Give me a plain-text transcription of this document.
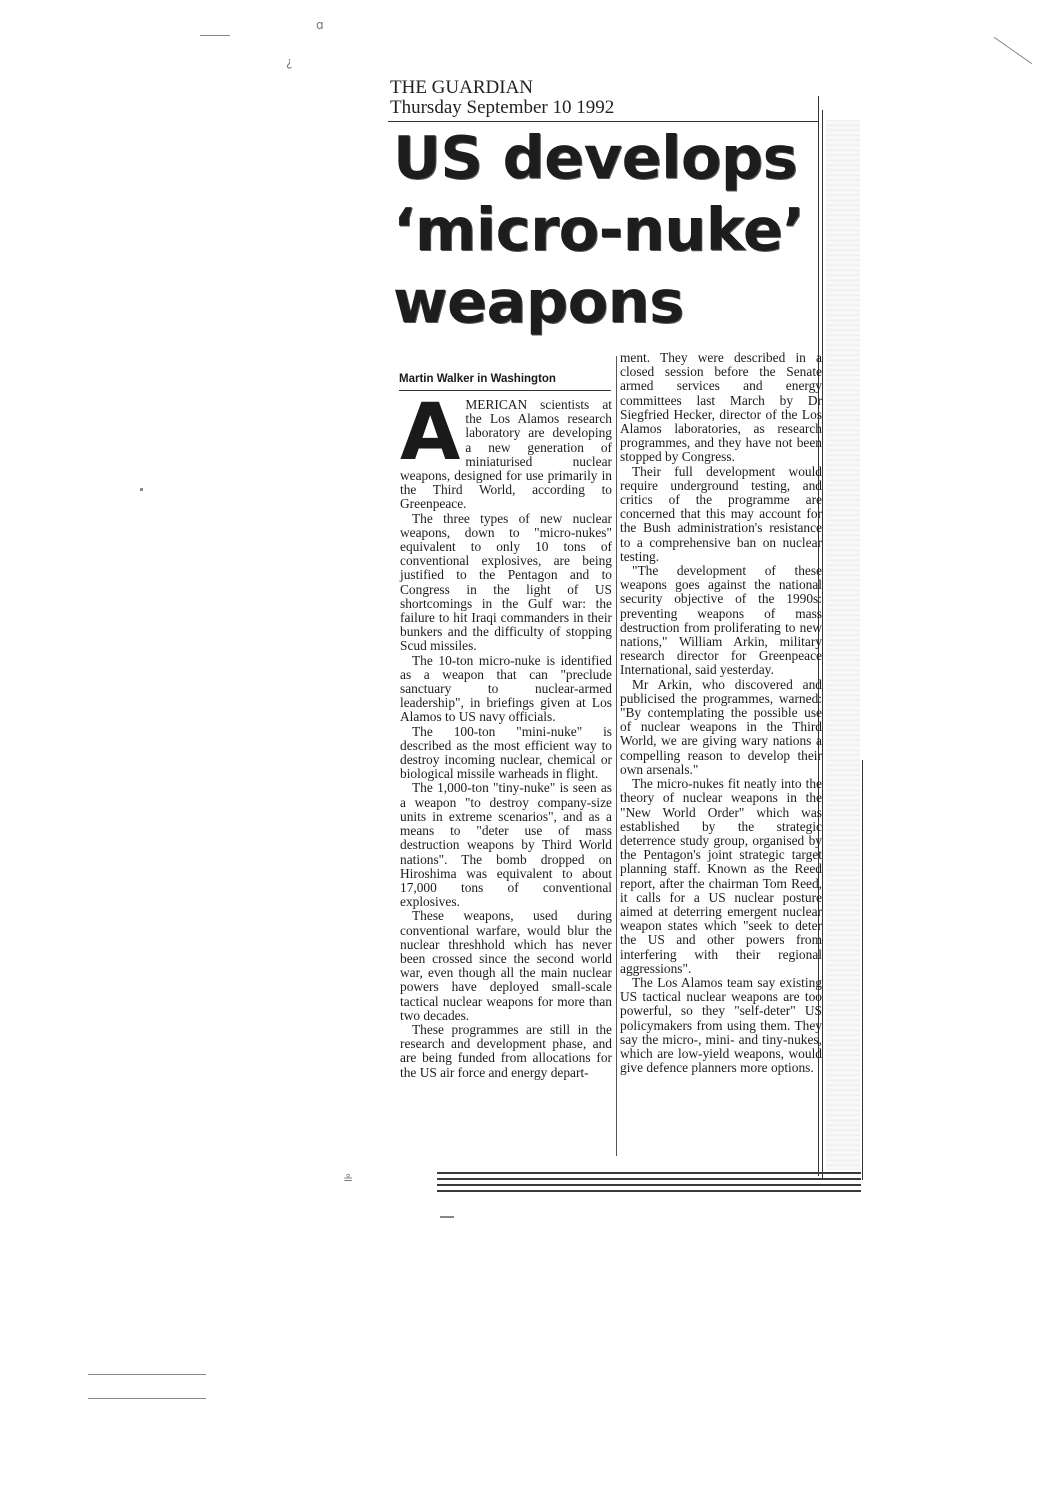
ɑ
¿
≗
THE GUARDIAN
Thursday September 10 1992
US develops
‘micro-nuke’
weapons
Martin Walker in Washington
A MERICAN scientists at the Los Alamos research laboratory are developing a new generation of miniaturised nuclear weapons, designed for use primarily in the Third World, according to Greenpeace.

The three types of new nuclear weapons, down to "micro-nukes" equivalent to only 10 tons of conventional explosives, are being justified to the Pentagon and to Congress in the light of US shortcomings in the Gulf war: the failure to hit Iraqi commanders in their bunkers and the difficulty of stopping Scud missiles.

The 10-ton micro-nuke is identified as a weapon that can "preclude sanctuary to nuclear-armed leadership", in briefings given at Los Alamos to US navy officials.

The 100-ton "mini-nuke" is described as the most efficient way to destroy incoming nuclear, chemical or biological missile warheads in flight.

The 1,000-ton "tiny-nuke" is seen as a weapon "to destroy company-size units in extreme scenarios", and as a means to "deter use of mass destruction weapons by Third World nations". The bomb dropped on Hiroshima was equivalent to about 17,000 tons of conventional explosives.

These weapons, used during conventional warfare, would blur the nuclear threshhold which has never been crossed since the second world war, even though all the main nuclear powers have deployed small-scale tactical nuclear weapons for more than two decades.

These programmes are still in the research and development phase, and are being funded from allocations for the US air force and energy depart-

ment. They were described in a closed session before the Senate armed services and energy committees last March by Dr Siegfried Hecker, director of the Los Alamos laboratories, as research programmes, and they have not been stopped by Congress.

Their full development would require underground testing, and critics of the programme are concerned that this may account for the Bush administration's resistance to a comprehensive ban on nuclear testing.

"The development of these weapons goes against the national security objective of the 1990s: preventing weapons of mass destruction from proliferating to new nations," William Arkin, military research director for Greenpeace International, said yesterday.

Mr Arkin, who discovered and publicised the programmes, warned: "By contemplating the possible use of nuclear weapons in the Third World, we are giving wary nations a compelling reason to develop their own arsenals."

The micro-nukes fit neatly into the theory of nuclear weapons in the "New World Order" which was established by the strategic deterrence study group, organised by the Pentagon's joint strategic target planning staff. Known as the Reed report, after the chairman Tom Reed, it calls for a US nuclear posture aimed at deterring emergent nuclear weapon states which "seek to deter the US and other powers from interfering with their regional aggressions".

The Los Alamos team say existing US tactical nuclear weapons are too powerful, so they "self-deter" US policymakers from using them. They say the micro-, mini- and tiny-nukes, which are low-yield weapons, would give defence planners more options.
